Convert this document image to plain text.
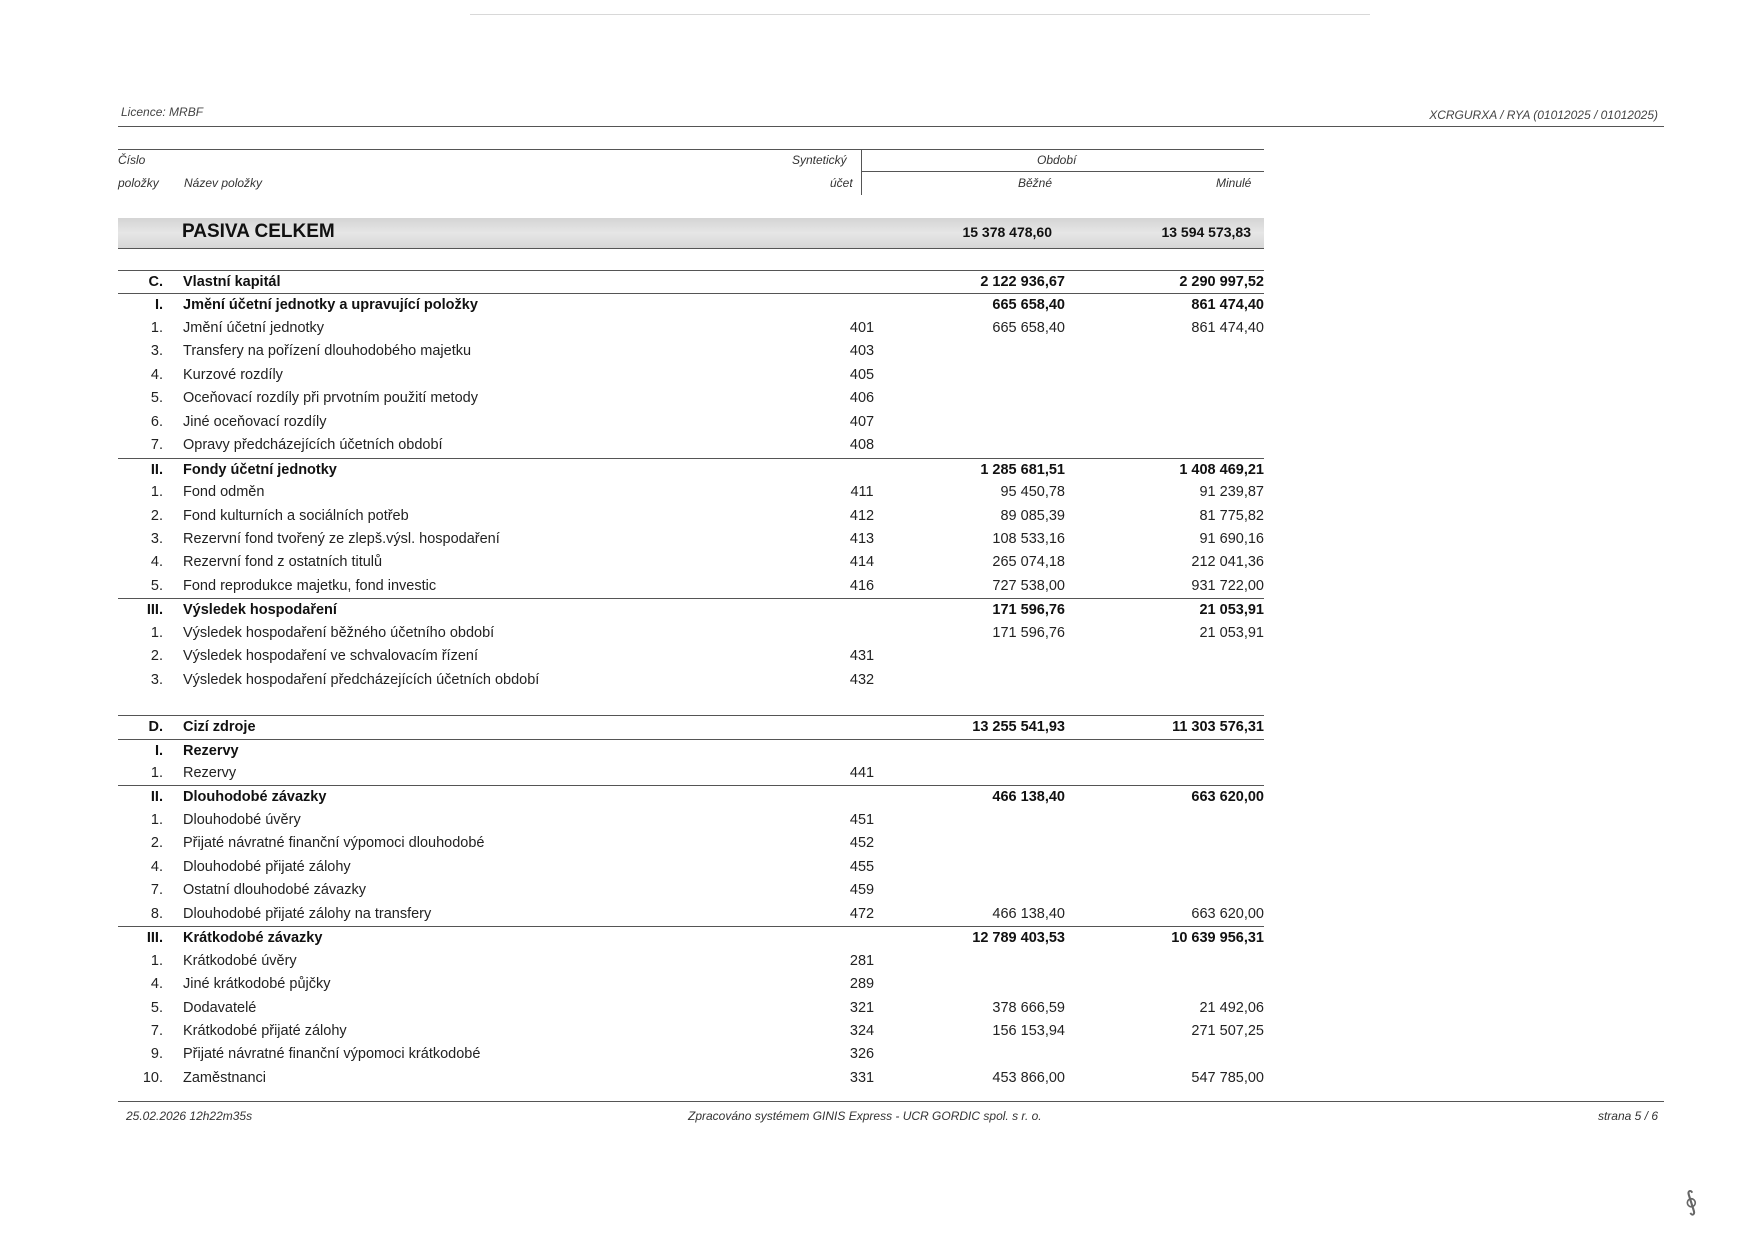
Licence: MRBF	XCRGURXA / RYA (01012025 / 01012025)
Číslo
položky Název položky
Syntetický
účet
Období
Běžné	Minulé
PASIVA CELKEM	15 378 478,60	13 594 573,83
C. Vlastní kapitál	2 122 936,67	2 290 997,52
I. Jmění účetní jednotky a upravující položky	665 658,40	861 474,40
1. Jmění účetní jednotky	401	665 658,40	861 474,40
3. Transfery na pořízení dlouhodobého majetku	403
4. Kurzové rozdíly	405
5. Oceňovací rozdíly při prvotním použití metody	406
6. Jiné oceňovací rozdíly	407
7. Opravy předcházejících účetních období	408
II. Fondy účetní jednotky	1 285 681,51	1 408 469,21
1. Fond odměn	411	95 450,78	91 239,87
2. Fond kulturních a sociálních potřeb	412	89 085,39	81 775,82
3. Rezervní fond tvořený ze zlepš.výsl. hospodaření	413	108 533,16	91 690,16
4. Rezervní fond z ostatních titulů	414	265 074,18	212 041,36
5. Fond reprodukce majetku, fond investic	416	727 538,00	931 722,00
III. Výsledek hospodaření	171 596,76	21 053,91
1. Výsledek hospodaření běžného účetního období	171 596,76	21 053,91
2. Výsledek hospodaření ve schvalovacím řízení	431
3. Výsledek hospodaření předcházejících účetních období	432
D. Cizí zdroje	13 255 541,93	11 303 576,31
I. Rezervy
1. Rezervy	441
II. Dlouhodobé závazky	466 138,40	663 620,00
1. Dlouhodobé úvěry	451
2. Přijaté návratné finanční výpomoci dlouhodobé	452
4. Dlouhodobé přijaté zálohy	455
7. Ostatní dlouhodobé závazky	459
8. Dlouhodobé přijaté zálohy na transfery	472	466 138,40	663 620,00
III. Krátkodobé závazky	12 789 403,53	10 639 956,31
1. Krátkodobé úvěry	281
4. Jiné krátkodobé půjčky	289
5. Dodavatelé	321	378 666,59	21 492,06
7. Krátkodobé přijaté zálohy	324	156 153,94	271 507,25
9. Přijaté návratné finanční výpomoci krátkodobé	326
10. Zaměstnanci	331	453 866,00	547 785,00
25.02.2026 12h22m35s	Zpracováno systémem GINIS Express - UCR GORDIC spol. s r. o.	strana 5 / 6
∮
